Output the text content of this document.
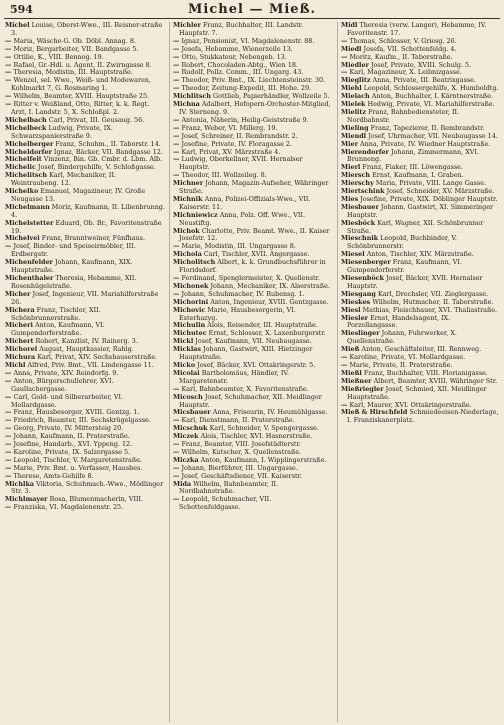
594	Michel — Mieß.
Michel Louise, Oberst-Wwe., III. Reisner-straße 3.
— Maria, Wäsche-G. Ob. Döbl. Annag. 8.
— Moriz, Bergarbeiter, VII. Bandgasse 5.
— Ottilie, K., VIII. Bennog. 19.
— Rafael, Gr.-Hdl. u. Agent, II. Zwirngasse 8.
— Theresia, Modistin, III. Hauptstraße.
— Wenzel, sel. Wwe., Weiß- und Modewaren, Kohlmarkt 7, G. Rosmaring 1.
— Wilhelm, Beamter, XVIII. Hauptstraße 25.
— Ritter v. Weißland, Otto, Ritter, k. k. Regt. Arzt, I. Landstr. 5, X. Schloßpl. 2.
Michelbach Carl, Privat, III. Geusaug. 56.
Michelbeck Ludwig, Private, IX. Schwarzspanierstraße 9.
Michelberger Franz, Schuhm., II. Taborstr. 14.
Micheldorfer Ignaz, Bäcker, VII. Bandgasse 12.
Michelfeit Vinzenz, Bin. Gb. Cmbr. d. Lbm. Alb.
Michelic Josef, Bindergehilfe, V. Schloßgasse.
Michelitsch Karl, Mechaniker, II. Weintraubeng. 12.
Michelko Emanuel, Magazineur, IV. Große Neugasse 13.
Michelmann Moriz, Kaufmann, II. Lilienbrunng. 4.
Michelstetter Eduard, Ob. Br., Favoritenstraße 19.
Michelvei Franz, Branntweiner, Fünfhaus.
— Josef, Binder- und Speiseirmöbler, III. Erdbergstr.
Michenfelder Johann, Kaufmann, XIX. Hauptstraße.
Michenthaler Theresia, Hebamme, XII. Rosenhügelstraße.
Micher Josef, Ingenieur, VII. Mariahilferstraße 26.
Michera Franz, Tischler, XII. Schönbrunnerstraße.
Micheri Anton, Kaufmann, VI. Gumpendorferstraße.
Michert Robert, Kanzlist, IV. Rainerg. 3.
Michorel August, Hauptkassier, Rahlg.
Michura Karl, Privat, XIV. Sechshauserstraße.
Michl Alfred, Priv. Bmt., VII. Lindengasse 11.
— Anna, Private, XIV. Reindorfg. 9.
— Anton, Bürgerschullehrer, XVI. Gaullachergasse.
— Carl, Gold- und Silberarbeiter, VI. Mollardgasse.
— Franz, Hausbesorger, XVIII. Gentzg. 1.
— Friedrich, Beamter, III. Sechskrügelgasse.
— Georg, Private, IV. Mittersteig 20.
— Johann, Kaufmann, II. Praterstraße.
— Josefine, Handarb., XVI. Yppeng. 12.
— Karoline, Private, IX. Salzergasse 5.
— Leopold, Tischler, V. Margaretenstraße.
— Marie, Priv. Bmt. u. Verfasser, Hausbes.
— Therese, Amts-Gehilfe 8.
Michlka Viktoria, Schuhmach.-Wwe., Mödlinger Str. 3.
Michlmayer Rosa, Blumenmacherin, VIII.
— Franziska, VI. Magdalenenstr. 25.
Michler Franz, Buchhalter, III. Landstr. Hauptstr. 7.
— Ignaz, Pensionist, VI. Magdalenenstr. 88.
— Josefa, Hebamme, Wienerzeile 13.
— Otto, Stukkateur, Nebengeb. 13.
— Robert, Chocoladen-Abtg., Wien 18.
— Rudolf, Pollz. Comm., III. Ungarg. 43.
— Theodor, Priv. Bmt., IX. Liechtensteinstr. 30.
— Theodor, Zeitung-Expedit, III. Hohe. 29.
Michlitsch Gottlieb, Papierhändler, Wollzeile 5.
Michna Adalbert, Hofopern-Orchester-Mitglied, IV. Sterneng. 9.
— Antonia, Näherin, Heilig-Geiststraße 9.
— Franz, Weber, VI. Millerg. 19.
— Josef, Schreiner, II. Rembrandstr. 2.
— Josefine, Private, IV. Floragasse 2.
— Karl, Privat, XV. Märzstraße 4.
— Ludwig, Oberkellner, XVII. Hernalser Hauptstr.
— Theodor, III. Wollzeileg. 8.
Michner Johann, Magazin-Aufseher, Währinger Straße.
Michnik Anna, Polizei-Offizials-Wwe., VII. Kaiserstr. 11.
Michniewicz Anna, Polz. Off. Wwe., VII. Neustiftg.
Michok Charlotte, Priv. Beamt. Wwe., II. Kaiser Josefstr. 12.
— Marie, Modistin, III. Ungargasse 8.
Michola Carl, Tischler, XVII. Angergasse.
Micholitsch Albert, k. k. Grundbuchsführer in Floridsdorf.
— Ferdinand, Spenglermeister, X. Quellenstr.
Michonek Johann, Mechaniker, IX. Alserstraße.
— Johann, Schuhmacher, IV. Rubensg. 1.
Michorini Anton, Ingenieur, XVIII. Gentzgasse.
Michovic Marie, Hausbesorgerin, VI. Esterhazyg.
Michulin Alois, Reisender, III. Hauptstraße.
Michutec Ernst, Schlosser, X. Laxenburgerstr.
Mickl Josef, Kaufmann, VII. Neubaugasse.
Micklas Johann, Gastwirt, XIII. Hietzinger Hauptstraße.
Micko Josef, Bäcker, XVI. Ottakringerstr. 5.
Micolai Bartholomäus, Händler, IV. Margaretenstr.
— Karl, Bahnbeamter, X. Favoritenstraße.
Micosch Josef, Schuhmacher, XII. Meidlinger Hauptstr.
Micsbauer Anna, Friseurin, IV. Heumühlgasse.
— Karl, Dienstmann, II. Praterstraße.
Micschuk Karl, Schneider, V. Spengergasse.
Miczek Alois, Tischler, XVI. Hasnerstraße.
— Franz, Beamter, VIII. Josefstädterstr.
— Wilhelm, Kutscher, X. Quellenstraße.
Miczka Anton, Kaufmann, I. Wipplingerstraße.
— Johann, Bierführer, III. Ungargasse.
— Josef, Geschäftsdiener, VII. Kaiserstr.
Mida Wilhelm, Bahnbeamter, II. Nordbahnstraße.
— Leopold, Schuhmacher, VII. Schottenfeldgasse.
Midl Theresia (verw. Langer), Hebamme, IV. Favoritenstr. 17.
— Thomas, Schlosser, V. Griesg. 26.
Miedl Josefa, VII. Schottenfeldg. 4.
— Moritz, Kaufm., II. Taborstraße.
Miedler Josef, Private, XVIII. Schulg. 5.
— Karl, Magazineur, X. Leibnizgasse.
Mieglitz Anna, Private, III. Beatrixgasse.
Miehl Leopold, Schlossergehilfe, X. Humboldtg.
Mielach Anton, Buchhalter, I. Kärntnerstraße.
Mielek Hedwig, Private, VI. Mariahilferstraße.
Mielitz Franz, Bahnbediensteter, II. Nordbahnstr.
Mieling Franz, Tapezierer, II. Rembrandstr.
Miendl Josef, Uhrmacher, VII. Neubaugasse 14.
Mier Anna, Private, IV. Wiedner Hauptstraße.
Mierendorfer Johann, Zimmermann, XVI. Brunneng.
Mierl Franz, Fiaker, III. Löwengasse.
Miersch Ernst, Kaufmann, I. Graben.
Mierschy Maria, Private, VIII. Lange Gasse.
Miertschink Josef, Schneider, XV. Märzstraße.
Mies Josefine, Private, XIX. Döblinger Hauptstr.
Miesbauer Johann, Gastwirt, XI. Simmeringer Hauptstr.
Miesböck Karl, Wagner, XII. Schönbrunner Straße.
Mieschnik Leopold, Buchbinder, V. Schönbrunnerstr.
Miesel Anton, Tischler, XIV. Märzstraße.
Miesenberger Franz, Kaufmann, VI. Gumpendorferstr.
Miesenböck Josef, Bäcker, XVII. Hernalser Hauptstr.
Miesgang Karl, Drechsler, VII. Zieglergasse.
Mieskes Wilhelm, Hutmacher, II. Taborstraße.
Miesl Mathias, Fleischhauer, XVI. Thaliastraße.
Miesler Ernst, Handelsagent, IX. Porzellangasse.
Mieslinger Johann, Fuhrwerker, X. Quellenstraße.
Mieß Anton, Geschäftsleiter, III. Rennweg.
— Karoline, Private, VI. Mollardgasse.
— Marie, Private, II. Praterstraße.
Mießl Franz, Buchhalter, VIII. Florianigasse.
Mießner Albert, Beamter, XVIII. Währinger Str.
Mießriegler Josef, Schmied, XII. Meidlinger Hauptstraße.
— Karl, Maurer, XVI. Ottakringerstraße.
Mieß & Hirschfeld Schmiedeeisen-Niederlage, I. Franziskanerplatz.
